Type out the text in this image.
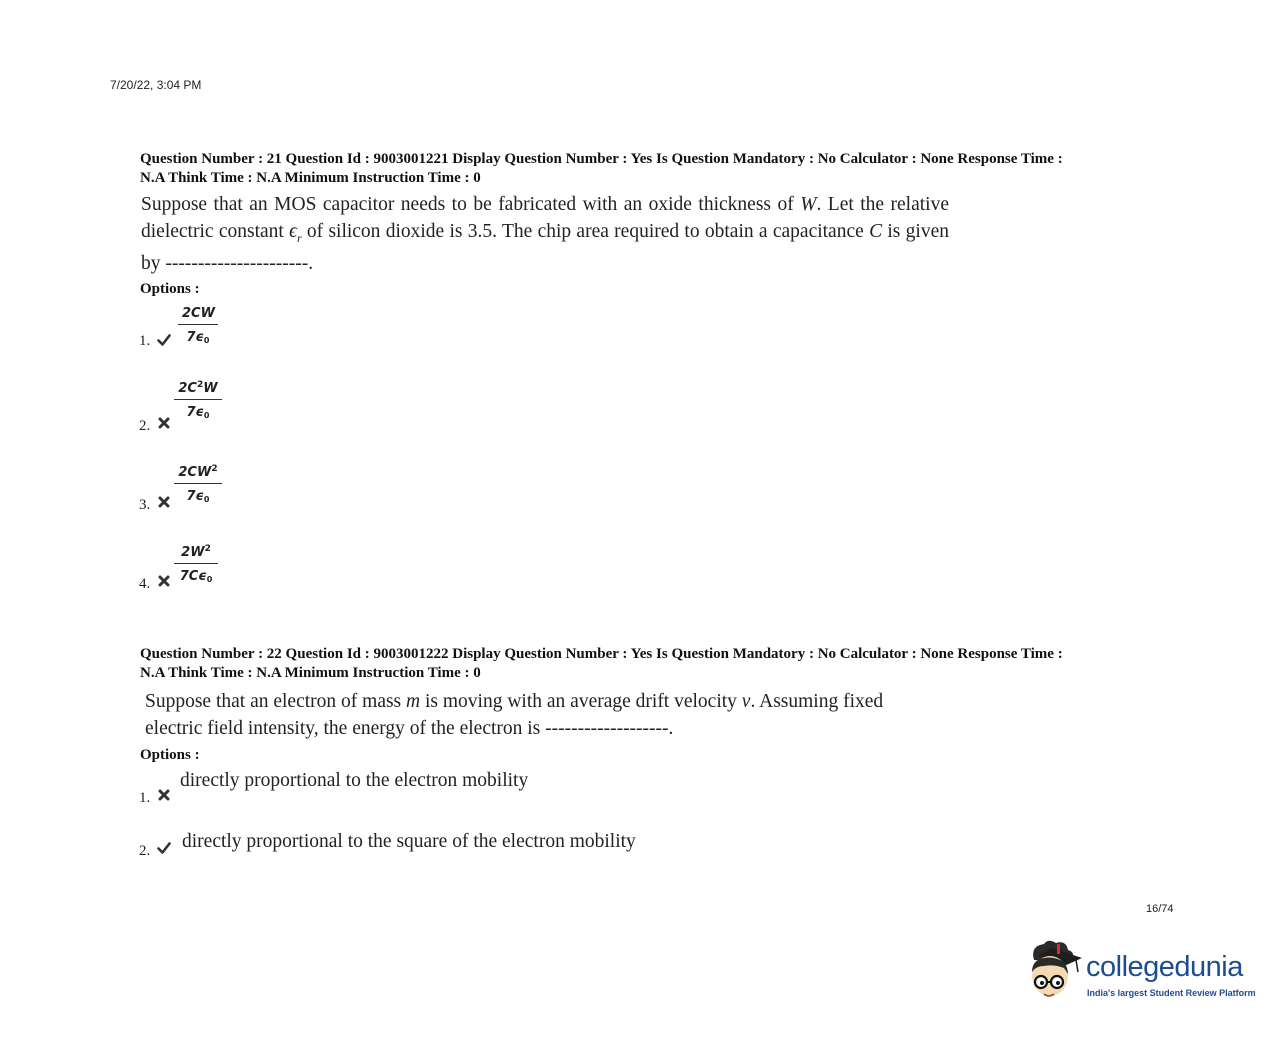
7/20/22, 3:04 PM
Question Number : 21 Question Id : 9003001221 Display Question Number : Yes Is Question Mandatory : No Calculator : None Response Time :
N.A Think Time : N.A Minimum Instruction Time : 0
Suppose that an MOS capacitor needs to be fabricated with an oxide thickness of W. Let the relative dielectric constant $\epsilon_r$ of silicon dioxide is 3.5. The chip area required to obtain a capacitance C is given by ----------------------.
Options :
1. $\frac{2CW}{7\epsilon_0}$
2.
$\frac{2C^2W}{7\epsilon_0}$
3.
$\frac{2CW^2}{7\epsilon_0}$
4. $\frac{2W^2}{7C\epsilon_0}$
Question Number : 22 Question Id : 9003001222 Display Question Number : Yes Is Question Mandatory : No Calculator : None Response Time :
N.A Think Time : N.A Minimum Instruction Time : 0
Suppose that an electron of mass m is moving with an average drift velocity v. Assuming fixed
electric field intensity, the energy of the electron is -------------------.
Options :
1.
directly proportional to the electron mobility
2. directly proportional to the square of the electron mobility
16/74
collegedunia
India's largest Student Review Platform
